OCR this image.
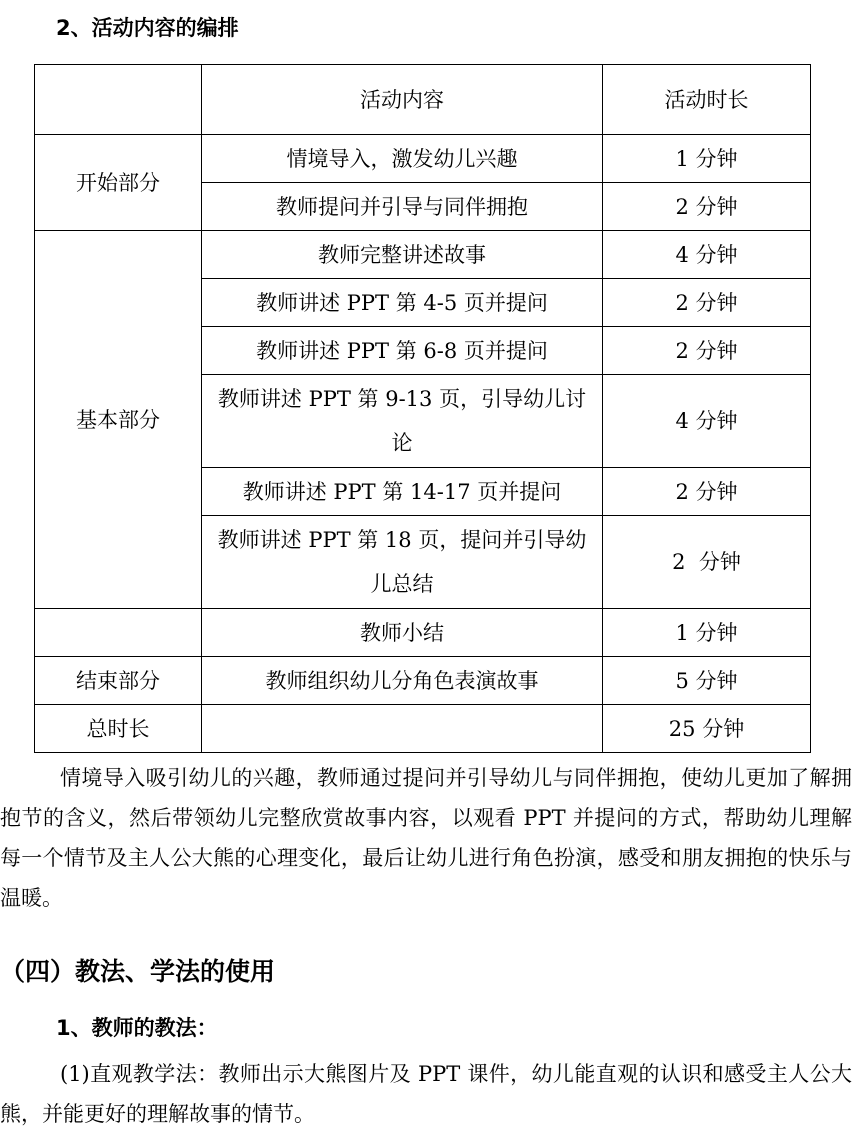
2、活动内容的编排
	活动内容	活动时长
开始部分	情境导入，激发幼儿兴趣	1 分钟
	教师提问并引导与同伴拥抱	2 分钟
基本部分	教师完整讲述故事	4 分钟
	教师讲述 PPT 第 4-5 页并提问	2 分钟
	教师讲述 PPT 第 6-8 页并提问	2 分钟
	教师讲述 PPT 第 9-13 页，引导幼儿讨论	4 分钟
	教师讲述 PPT 第 14-17 页并提问	2 分钟
	教师讲述 PPT 第 18 页，提问并引导幼儿总结	2  分钟
	教师小结	1 分钟
结束部分	教师组织幼儿分角色表演故事	5 分钟
总时长		25 分钟

情境导入吸引幼儿的兴趣，教师通过提问并引导幼儿与同伴拥抱，使幼儿更加了解拥抱节的含义，然后带领幼儿完整欣赏故事内容，以观看 PPT 并提问的方式，帮助幼儿理解每一个情节及主人公大熊的心理变化，最后让幼儿进行角色扮演，感受和朋友拥抱的快乐与温暖。

（四）教法、学法的使用
1、教师的教法：

(1)直观教学法：教师出示大熊图片及 PPT 课件，幼儿能直观的认识和感受主人公大熊，并能更好的理解故事的情节。
